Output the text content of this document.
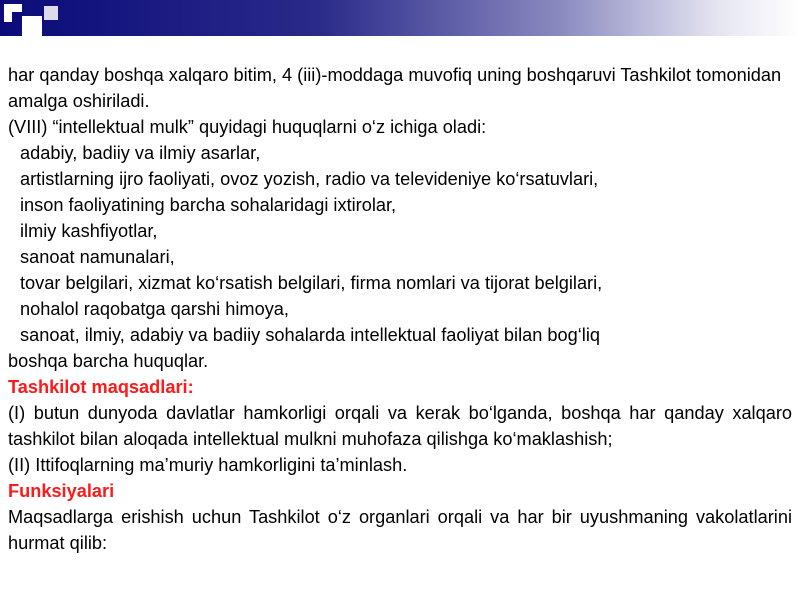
har qanday boshqa xalqaro bitim, 4 (iii)-moddaga muvofiq uning boshqaruvi Tashkilot tomonidan amalga oshiriladi.

(VIII) “intellektual mulk” quyidagi huquqlarni o‘z ichiga oladi:

adabiy, badiiy va ilmiy asarlar,

artistlarning ijro faoliyati, ovoz yozish, radio va televideniye ko‘rsatuvlari,

inson faoliyatining barcha sohalaridagi ixtirolar,

ilmiy kashfiyotlar,

sanoat namunalari,

tovar belgilari, xizmat ko‘rsatish belgilari, firma nomlari va tijorat belgilari,

nohalol raqobatga qarshi himoya,

sanoat, ilmiy, adabiy va badiiy sohalarda intellektual faoliyat bilan bog‘liq

boshqa barcha huquqlar.

Tashkilot maqsadlari:

(I) butun dunyoda davlatlar hamkorligi orqali va kerak bo‘lganda, boshqa har qanday xalqaro tashkilot bilan aloqada intellektual mulkni muhofaza qilishga ko‘maklashish;

(II) Ittifoqlarning ma’muriy hamkorligini ta’minlash.

Funksiyalari

Maqsadlarga erishish uchun Tashkilot o‘z organlari orqali va har bir uyushmaning vakolatlarini hurmat qilib:
